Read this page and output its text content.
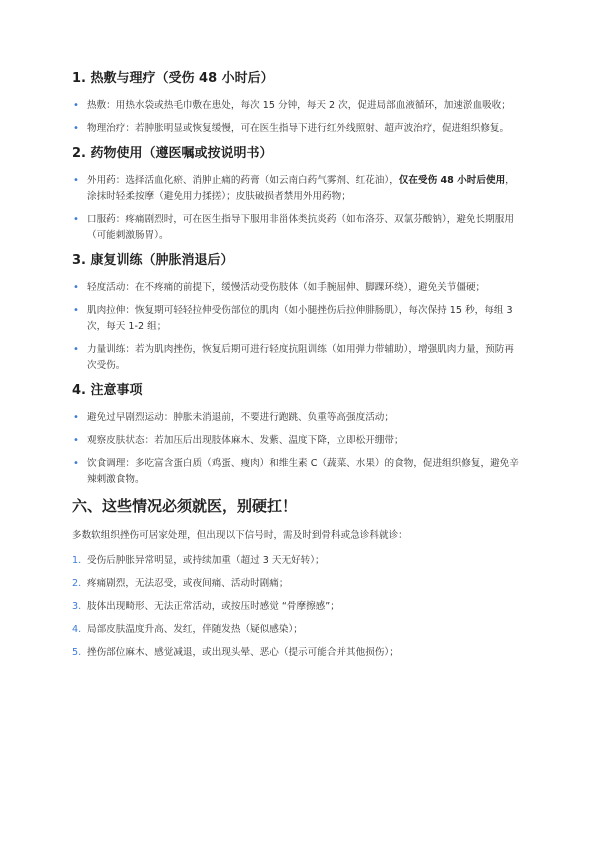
1. 热敷与理疗（受伤 48 小时后）
• 热敷：用热水袋或热毛巾敷在患处，每次 15 分钟，每天 2 次，促进局部血液循环，加速淤血吸收；
• 物理治疗：若肿胀明显或恢复缓慢，可在医生指导下进行红外线照射、超声波治疗，促进组织修复。
2. 药物使用（遵医嘱或按说明书）
• 外用药：选择活血化瘀、消肿止痛的药膏（如云南白药气雾剂、红花油），仅在受伤 48 小时后使用，涂抹时轻柔按摩（避免用力揉搓）；皮肤破损者禁用外用药物；
• 口服药：疼痛剧烈时，可在医生指导下服用非甾体类抗炎药（如布洛芬、双氯芬酸钠），避免长期服用（可能刺激肠胃）。
3. 康复训练（肿胀消退后）
• 轻度活动：在不疼痛的前提下，缓慢活动受伤肢体（如手腕屈伸、脚踝环绕），避免关节僵硬；
• 肌肉拉伸：恢复期可轻轻拉伸受伤部位的肌肉（如小腿挫伤后拉伸腓肠肌），每次保持 15 秒，每组 3 次，每天 1-2 组；
• 力量训练：若为肌肉挫伤，恢复后期可进行轻度抗阻训练（如用弹力带辅助），增强肌肉力量，预防再次受伤。
4. 注意事项
• 避免过早剧烈运动：肿胀未消退前，不要进行跑跳、负重等高强度活动；
• 观察皮肤状态：若加压后出现肢体麻木、发紫、温度下降，立即松开绷带；
• 饮食调理：多吃富含蛋白质（鸡蛋、瘦肉）和维生素 C（蔬菜、水果）的食物，促进组织修复，避免辛辣刺激食物。
六、这些情况必须就医，别硬扛！

多数软组织挫伤可居家处理，但出现以下信号时，需及时到骨科或急诊科就诊：

1. 受伤后肿胀异常明显，或持续加重（超过 3 天无好转）；
2. 疼痛剧烈，无法忍受，或夜间痛、活动时剧痛；
3. 肢体出现畸形、无法正常活动，或按压时感觉 “骨摩擦感”；
4. 局部皮肤温度升高、发红，伴随发热（疑似感染）；
5. 挫伤部位麻木、感觉减退，或出现头晕、恶心（提示可能合并其他损伤）；
